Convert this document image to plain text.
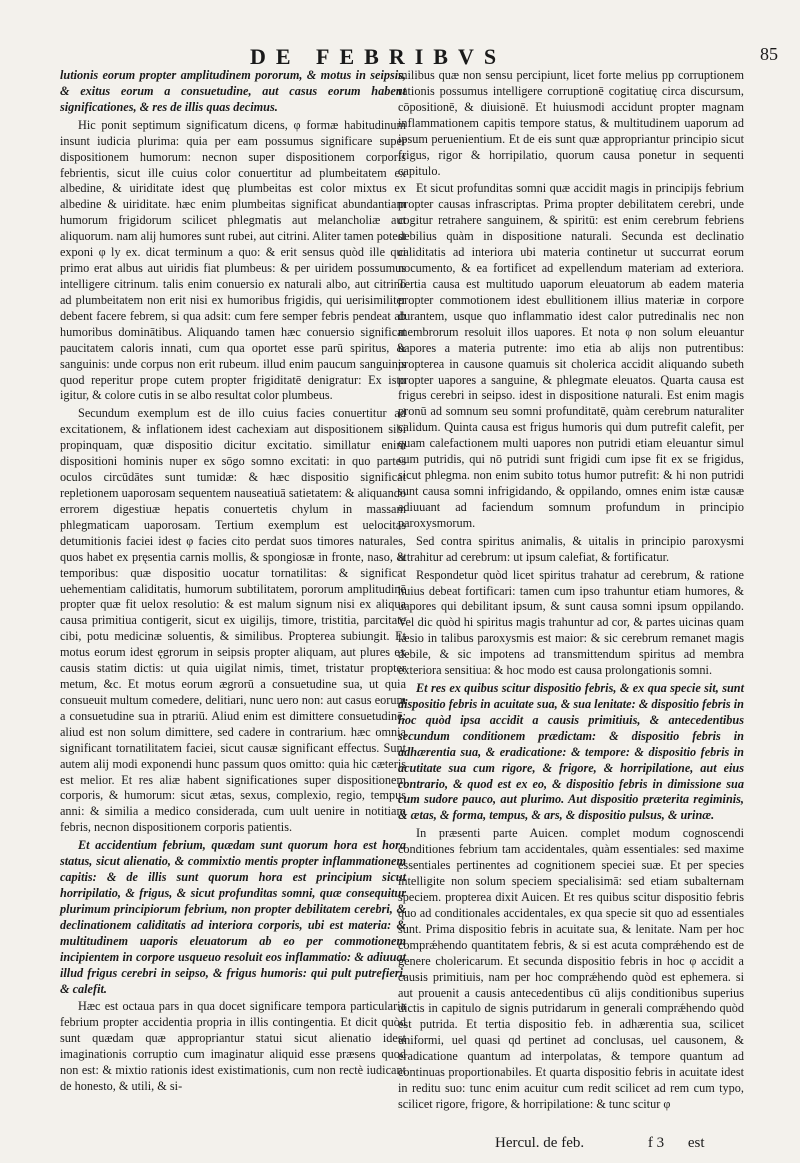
DE FEBRIBVS	85

lutionis eorum propter amplitudinem pororum, & motus in seipsis, & exitus eorum a consuetudine, aut casus eorum habent significationes, & res de illis quas decimus.

Hic ponit septimum significatum dicens, φ formæ habitudinum insunt iudicia plurima: quia per eam possumus significare super dispositionem humorum: necnon super dispositionem corporis febrientis, sicut ille cuius color conuertitur ad plumbeitatem ex albedine, & uiriditate idest quę plumbeitas est color mixtus ex albedine & uiriditate. hæc enim plumbeitas significat abundantiam humorum frigidorum scilicet phlegmatis aut melancholiæ aut aliquorum. nam alij humores sunt rubei, aut citrini. Aliter tamen potest exponi φ ly ex. dicat terminum a quo: & erit sensus quòd ille qui primo erat albus aut uiridis fiat plumbeus: & per uiridem possumus intelligere citrinum. talis enim conuersio ex naturali albo, aut citrino ad plumbeitatem non erit nisi ex humoribus frigidis, qui uerisimiliter debent facere febrem, si qua adsit: cum fere semper febris pendeat ab humoribus dominātibus. Aliquando tamen hæc conuersio significat paucitatem caloris innati, cum qua oportet esse parū spiritus, & sanguinis: unde corpus non erit rubeum. illud enim paucum sanguinis quod reperitur prope cutem propter frigiditatē denigratur: Ex isto igitur, & colore cutis in se albo resultat color plumbeus.

Secundum exemplum est de illo cuius facies conuertitur ad excitationem, & inflationem idest cachexiam aut dispositionem sibi propinquam, quæ dispositio dicitur excitatio. simillatur enim dispositioni hominis nuper ex sōgo somno excitati: in quo partes oculos circūdātes sunt tumidæ: & hæc dispositio significat repletionem uaporosam sequentem nauseatiuā satietatem: & aliquando errorem digestiuæ hepatis conuertetis chylum in massam phlegmaticam uaporosam. Tertium exemplum est uelocitas detumitionis faciei idest φ facies cito perdat suos timores naturales, quos habet ex pręsentia carnis mollis, & spongiosæ in fronte, naso, & temporibus: quæ dispositio uocatur tornatilitas: & significat uehementiam caliditatis, humorum subtilitatem, pororum amplitudinē propter quæ fit uelox resolutio: & est malum signum nisi ex aliqua causa primitiua contigerit, sicut ex uigilijs, timore, tristitia, parcitate cibi, potu medicinæ soluentis, & similibus. Propterea subiungit. Et motus eorum idest ęgrorum in seipsis propter aliquam, aut plures ex causis statim dictis: ut quia uigilat nimis, timet, tristatur propter metum, &c. Et motus eorum ægrorū a consuetudine sua, ut quia consueuit multum comedere, delitiari, nunc uero non: aut casus eorum a consuetudine sua in ptrariū. Aliud enim est dimittere consuetudinē: aliud est non solum dimittere, sed cadere in contrarium. hæc omnia significant tornatilitatem faciei, sicut causæ significant effectus. Sunt autem alij modi exponendi hunc passum quos omitto: quia hic cæteris est melior. Et res aliæ habent significationes super dispositionem corporis, & humorum: sicut ætas, sexus, complexio, regio, tempus anni: & similia a medico considerada, cum uult uenire in notitiam febris, necnon dispositionem corporis patientis.

Et accidentium febrium, quædam sunt quorum hora est hora status, sicut alienatio, & commixtio mentis propter inflammationem capitis: & de illis sunt quorum hora est principium sicut horripilatio, & frigus, & sicut profunditas somni, quæ consequitur plurimum principiorum febrium, non propter debilitatem cerebri, & declinationem caliditatis ad interiora corporis, ubi est materia: & multitudinem uaporis eleuatorum ab eo per commotionem incipientem in corpore usqueuo resoluit eos inflammatio: & adiuuat illud frigus cerebri in seipso, & frigus humoris: qui pult putrefieri, & calefit.

Hæc est octaua pars in qua docet significare tempora particularia febrium propter accidentia propria in illis contingentia. Et dicit quòd sunt quædam quæ appropriantur statui sicut alienatio idest imaginationis corruptio cum imaginatur aliquid esse præsens quod non est: & mixtio rationis idest existimationis, cum non rectè iudicant de honesto, & utili, & si-

milibus quæ non sensu percipiunt, licet forte melius pp corruptionem rationis possumus intelligere corruptionē cogitatiuę circa discursum, cōpositionē, & diuisionē. Et huiusmodi accidunt propter magnam inflammationem capitis tempore status, & multitudinem uaporum ad ipsum peruenientium. Et de eis sunt quæ appropriantur principio sicut frigus, rigor & horripilatio, quorum causa ponetur in sequenti capitulo.

Et sicut profunditas somni quæ accidit magis in principijs febrium propter causas infrascriptas. Prima propter debilitatem cerebri, unde cogitur retrahere sanguinem, & spiritū: est enim cerebrum febriens debilius quàm in dispositione naturali. Secunda est declinatio caliditatis ad interiora ubi materia continetur ut succurrat eorum nocumento, & ea fortificet ad expellendum materiam ad exteriora. Tertia causa est multitudo uaporum eleuatorum ab eadem materia propter commotionem idest ebullitionem illius materiæ in corpore durantem, usque quo inflammatio idest calor putredinalis nec non membrorum resoluit illos uapores. Et nota φ non solum eleuantur uapores a materia putrente: imo etia ab alijs non putrentibus: propterea in causone quamuis sit cholerica accidit aliquando subeth propter uapores a sanguine, & phlegmate eleuatos. Quarta causa est frigus cerebri in seipso. idest in dispositione naturali. Est enim magis pronū ad somnum seu somni profunditatē, quàm cerebrum naturaliter calidum. Quinta causa est frigus humoris qui dum putrefit calefit, per quam calefactionem multi uapores non putridi etiam eleuantur simul cum putridis, qui nō putridi sunt frigidi cum ipse fit ex se frigidus, sicut phlegma. non enim subito totus humor putrefit: & hi non putridi sunt causa somni infrigidando, & oppilando, omnes enim istæ causæ adiuuant ad faciendum somnum profundum in principio paroxysmorum.

Sed contra spiritus animalis, & uitalis in principio paroxysmi attrahitur ad cerebrum: ut ipsum calefiat, & fortificatur.

Respondetur quòd licet spiritus trahatur ad cerebrum, & ratione huius debeat fortificari: tamen cum ipso trahuntur etiam humores, & uapores qui debilitant ipsum, & sunt causa somni ipsum oppilando. Vel dic quòd hi spiritus magis trahuntur ad cor, & partes uicinas quam læsio in talibus paroxysmis est maior: & sic cerebrum remanet magis debile, & sic impotens ad transmittendum spiritus ad membra exteriora sensitiua: & hoc modo est causa prolongationis somni.

Et res ex quibus scitur dispositio febris, & ex qua specie sit, sunt dispositio febris in acuitate sua, & sua lenitate: & dispositio febris in hoc quòd ipsa accidit a causis primitiuis, & antecedentibus secundum conditionem prædictam: & dispositio febris in adhærentia sua, & eradicatione: & tempore: & dispositio febris in acutitate sua cum rigore, & frigore, & horripilatione, aut eius contrario, & quod est ex eo, & dispositio febris in dimissione sua cum sudore pauco, aut plurimo. Aut dispositio præterita regiminis, & ætas, & forma, tempus, & ars, & dispositio pulsus, & urinæ.

In præsenti parte Auicen. complet modum cognoscendi conditiones febrium tam accidentales, quàm essentiales: sed maxime essentiales pertinentes ad cognitionem speciei suæ. Et per species intelligite non solum speciem specialisimā: sed etiam subalternam speciem. propterea dixit Auicen. Et res quibus scitur dispositio febris quo ad conditionales accidentales, ex qua specie sit quo ad essentiales sunt. Prima dispositio febris in acuitate sua, & lenitate. Nam per hoc comprǽhendo quantitatem febris, & si est acuta comprǽhendo est de genere cholericarum. Et secunda dispositio febris in hoc φ accidit a causis primitiuis, nam per hoc comprǽhendo quòd est ephemera. si aut prouenit a causis antecedentibus cū alijs conditionibus superius dictis in capitulo de signis putridarum in generali comprǽhendo quòd est putrida. Et tertia dispositio feb. in adhærentia sua, scilicet uniformi, uel quasi qd pertinet ad conclusas, uel causonem, & eradicatione quantum ad interpolatas, & tempore quantum ad continuas proportionabiles. Et quarta dispositio febris in acuitate idest in reditu suo: tunc enim acuitur cum redit scilicet ad rem cum typo, scilicet rigore, frigore, & horripilatione: & tunc scitur φ

Hercul. de feb.	f 3 est
